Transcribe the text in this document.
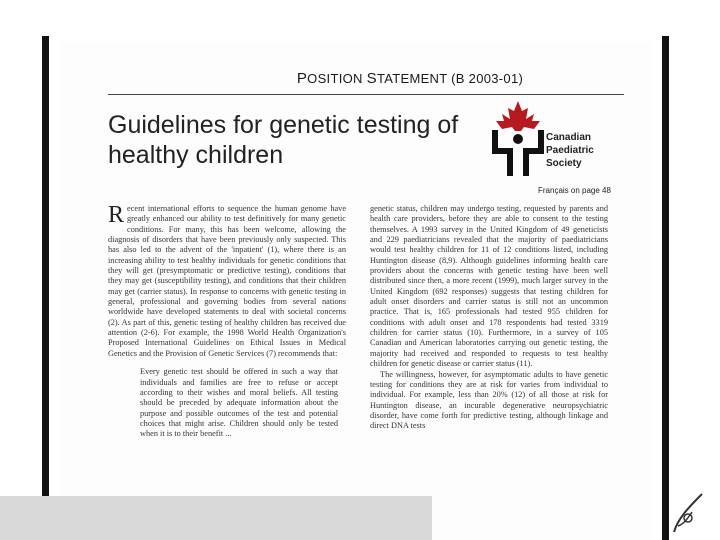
POSITION STATEMENT (B 2003-01)
Guidelines for genetic testing of
healthy children
Canadian
Paediatric
Society
Français on page 48

Recent international efforts to sequence the human genome have greatly enhanced our ability to test definitively for many genetic conditions. For many, this has been welcome, allowing the diagnosis of disorders that have been previously only suspected. This has also led to the advent of the 'inpatient' (1), where there is an increasing ability to test healthy individuals for genetic conditions that they will get (presymptomatic or predictive testing), conditions that they may get (susceptibility testing), and conditions that their children may get (carrier status). In response to concerns with genetic testing in general, professional and governing bodies from several nations worldwide have developed statements to deal with societal concerns (2). As part of this, genetic testing of healthy children has received due attention (2-6). For example, the 1998 World Health Organization's Proposed International Guidelines on Ethical Issues in Medical Genetics and the Provision of Genetic Services (7) recommends that:

Every genetic test should be offered in such a way that individuals and families are free to refuse or accept according to their wishes and moral beliefs. All testing should be preceded by adequate information about the purpose and possible outcomes of the test and potential choices that might arise. Children should only be tested when it is to their benefit ...

genetic status, children may undergo testing, requested by parents and health care providers, before they are able to consent to the testing themselves. A 1993 survey in the United Kingdom of 49 geneticists and 229 paediatricians revealed that the majority of paediatricians would test healthy children for 11 of 12 conditions listed, including Huntington disease (8,9). Although guidelines informing health care providers about the concerns with genetic testing have been well distributed since then, a more recent (1999), much larger survey in the United Kingdom (692 responses) suggests that testing children for adult onset disorders and carrier status is still not an uncommon practice. That is, 165 professionals had tested 955 children for conditions with adult onset and 178 respondents had tested 3319 children for carrier status (10). Furthermore, in a survey of 105 Canadian and American laboratories carrying out genetic testing, the majority had received and responded to requests to test healthy children for genetic disease or carrier status (11).

The willingness, however, for asymptomatic adults to have genetic testing for conditions they are at risk for varies from individual to individual. For example, less than 20% (12) of all those at risk for Huntington disease, an incurable degenerative neuropsychiatric disorder, have come forth for predictive testing, although linkage and direct DNA tests
